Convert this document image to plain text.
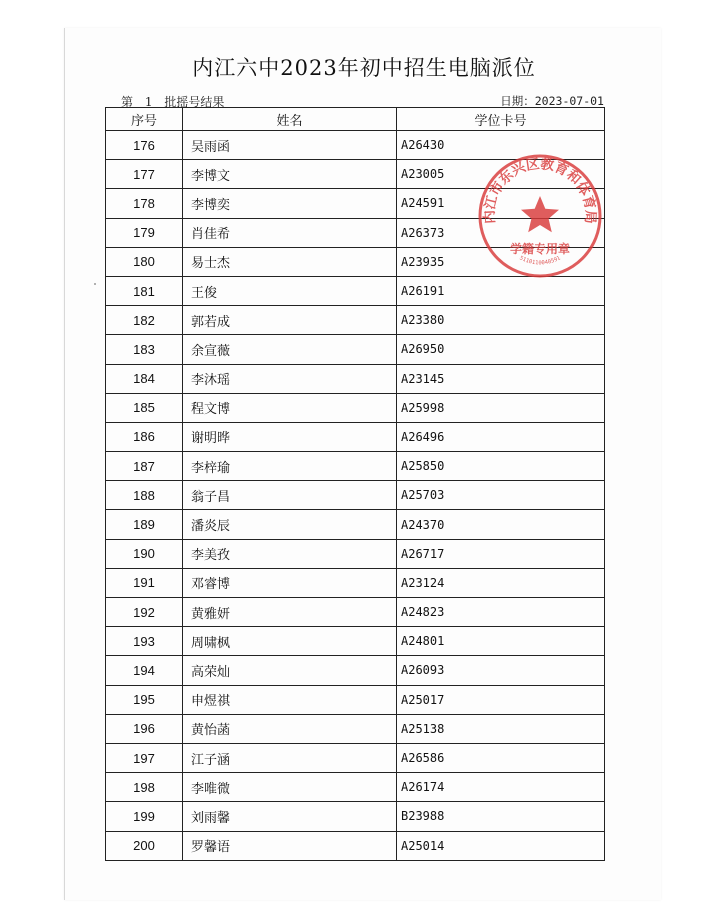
内江六中2023年初中招生电脑派位
第 1 批摇号结果	日期：2023-07-01
序号	姓名	学位卡号
176	吴雨函	A26430
177	李博文	A23005
178	李博奕	A24591
179	肖佳希	A26373
180	易士杰	A23935
181	王俊	A26191
182	郭若成	A23380
183	余宣薇	A26950
184	李沐瑶	A23145
185	程文博	A25998
186	谢明晔	A26496
187	李梓瑜	A25850
188	翁子昌	A25703
189	潘炎辰	A24370
190	李美孜	A26717
191	邓睿博	A23124
192	黄雅妍	A24823
193	周啸枫	A24801
194	高荣灿	A26093
195	申煜祺	A25017
196	黄怡菡	A25138
197	江子涵	A26586
198	李唯微	A26174
199	刘雨馨	B23988
200	罗馨语	A25014
内江市东兴区教育和体育局
学籍专用章
5110110040591
